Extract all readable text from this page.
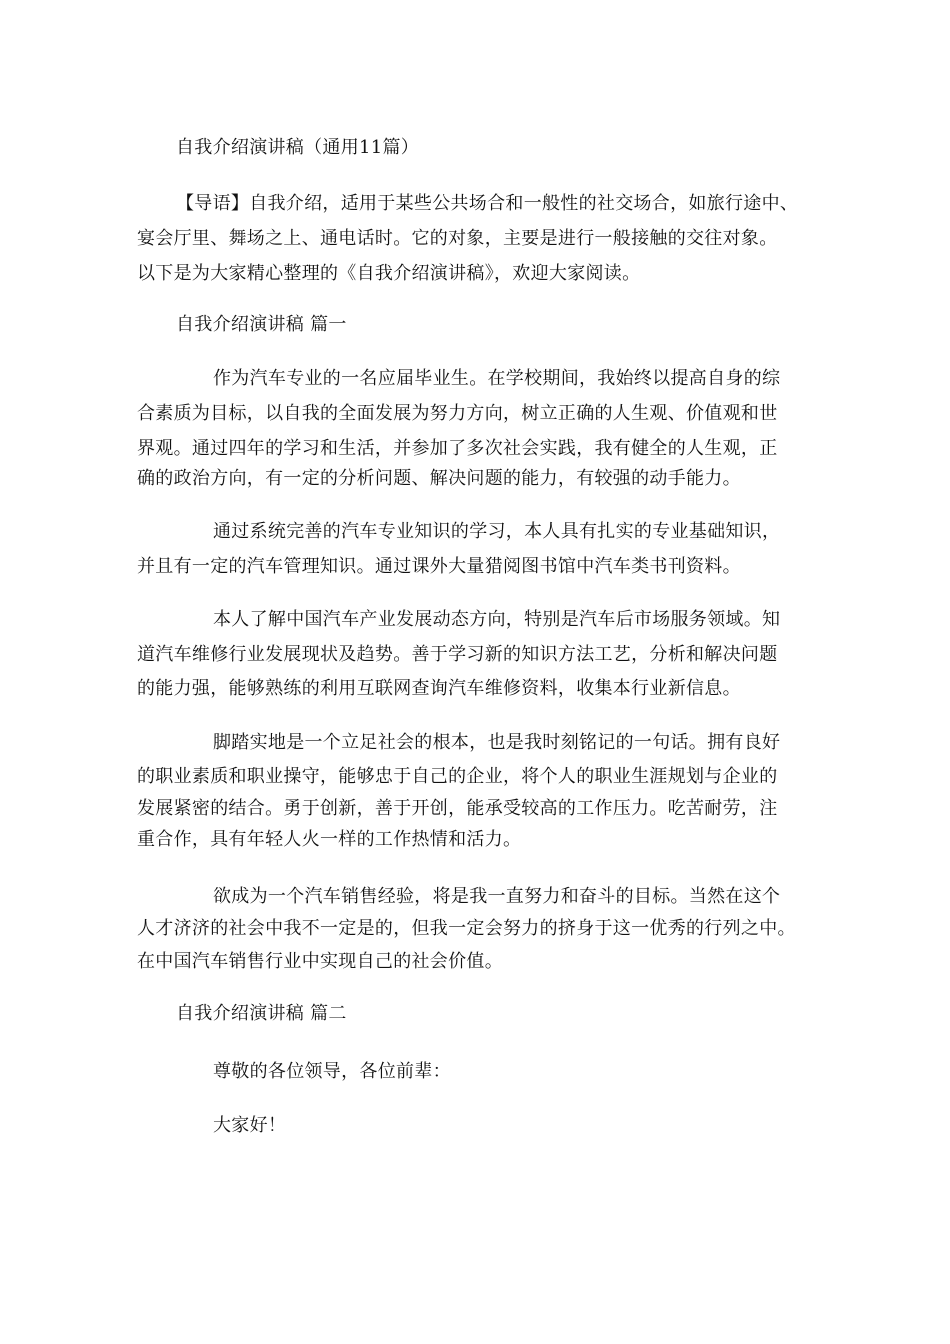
自我介绍演讲稿（通用11篇）
【导语】自我介绍，适用于某些公共场合和一般性的社交场合，如旅行途中、
宴会厅里、舞场之上、通电话时。它的对象，主要是进行一般接触的交往对象。
以下是为大家精心整理的《自我介绍演讲稿》，欢迎大家阅读。
自我介绍演讲稿 篇一
作为汽车专业的一名应届毕业生。在学校期间，我始终以提高自身的综
合素质为目标，以自我的全面发展为努力方向，树立正确的人生观、价值观和世
界观。通过四年的学习和生活，并参加了多次社会实践，我有健全的人生观，正
确的政治方向，有一定的分析问题、解决问题的能力，有较强的动手能力。
通过系统完善的汽车专业知识的学习，本人具有扎实的专业基础知识，
并且有一定的汽车管理知识。通过课外大量猎阅图书馆中汽车类书刊资料。
本人了解中国汽车产业发展动态方向，特别是汽车后市场服务领域。知
道汽车维修行业发展现状及趋势。善于学习新的知识方法工艺，分析和解决问题
的能力强，能够熟练的利用互联网查询汽车维修资料，收集本行业新信息。
脚踏实地是一个立足社会的根本，也是我时刻铭记的一句话。拥有良好
的职业素质和职业操守，能够忠于自己的企业，将个人的职业生涯规划与企业的
发展紧密的结合。勇于创新，善于开创，能承受较高的工作压力。吃苦耐劳，注
重合作，具有年轻人火一样的工作热情和活力。
欲成为一个汽车销售经验，将是我一直努力和奋斗的目标。当然在这个
人才济济的社会中我不一定是的，但我一定会努力的挤身于这一优秀的行列之中。
在中国汽车销售行业中实现自己的社会价值。
自我介绍演讲稿 篇二
尊敬的各位领导，各位前辈：
大家好！
